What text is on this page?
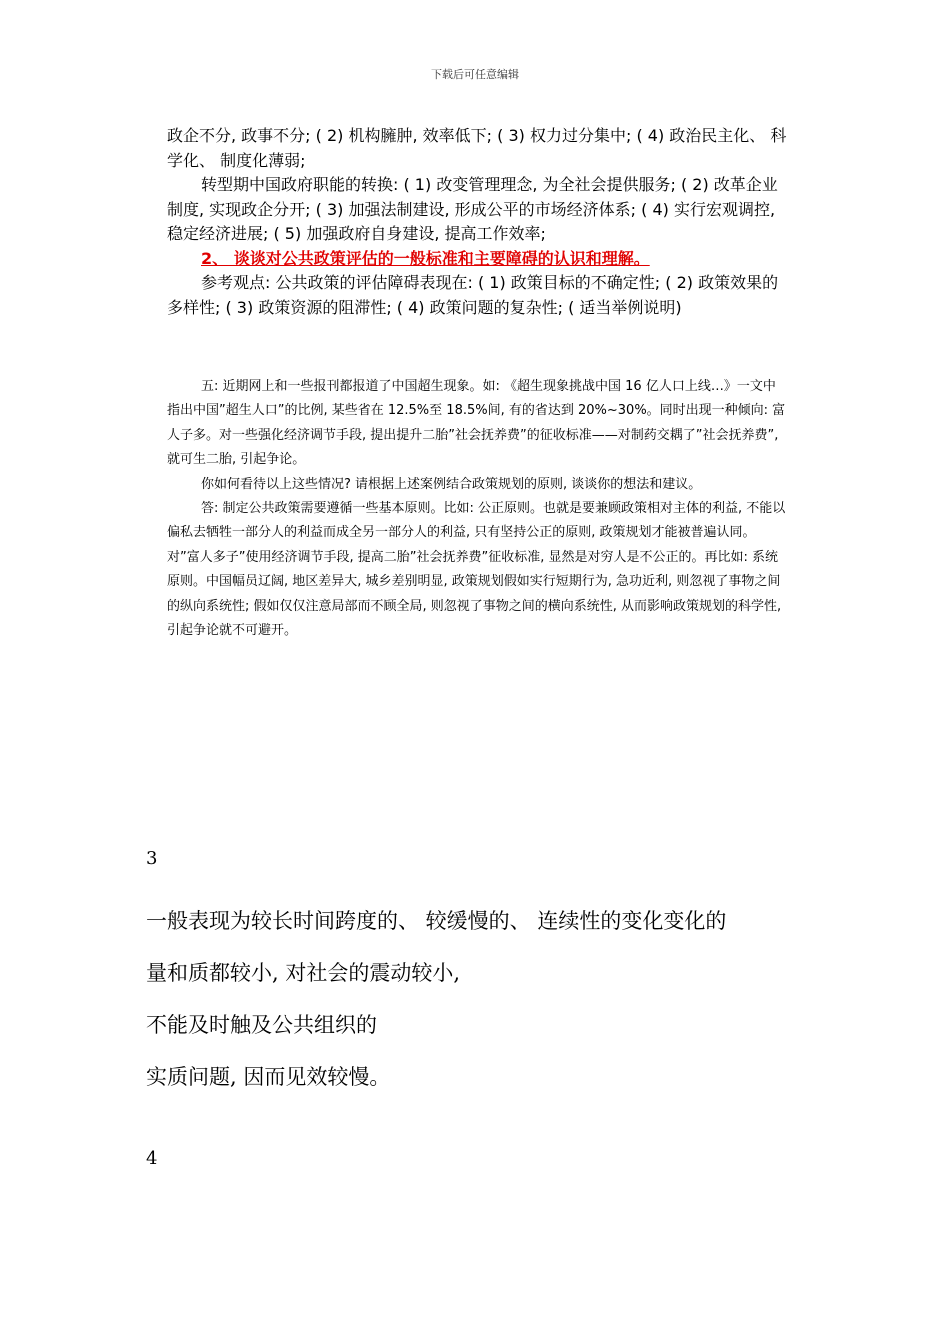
下载后可任意编辑

政企不分, 政事不分; ( 2) 机构臃肿, 效率低下; ( 3) 权力过分集中; ( 4) 政治民主化、 科学化、 制度化薄弱;

转型期中国政府职能的转换: ( 1) 改变管理理念, 为全社会提供服务; ( 2) 改革企业制度, 实现政企分开; ( 3) 加强法制建设, 形成公平的市场经济体系; ( 4) 实行宏观调控, 稳定经济进展; ( 5) 加强政府自身建设, 提高工作效率;

2、 谈谈对公共政策评估的一般标准和主要障碍的认识和理解。

参考观点: 公共政策的评估障碍表现在: ( 1) 政策目标的不确定性; ( 2) 政策效果的多样性; ( 3) 政策资源的阻滞性; ( 4) 政策问题的复杂性; ( 适当举例说明)

五: 近期网上和一些报刊都报道了中国超生现象。如: 《超生现象挑战中国 16 亿人口上线…》一文中指出中国”超生人口”的比例, 某些省在 12.5%至 18.5%间, 有的省达到 20%~30%。同时出现一种倾向: 富人子多。对一些强化经济调节手段, 提出提升二胎”社会抚养费”的征收标准——对制药交耦了”社会抚养费”, 就可生二胎, 引起争论。

你如何看待以上这些情况? 请根据上述案例结合政策规划的原则, 谈谈你的想法和建议。

答: 制定公共政策需要遵循一些基本原则。比如: 公正原则。也就是要兼顾政策相对主体的利益, 不能以偏私去牺牲一部分人的利益而成全另一部分人的利益, 只有坚持公正的原则, 政策规划才能被普遍认同。对”富人多子”使用经济调节手段, 提高二胎”社会抚养费”征收标准, 显然是对穷人是不公正的。再比如: 系统原则。中国幅员辽阔, 地区差异大, 城乡差别明显, 政策规划假如实行短期行为, 急功近利, 则忽视了事物之间的纵向系统性; 假如仅仅注意局部而不顾全局, 则忽视了事物之间的横向系统性, 从而影响政策规划的科学性, 引起争论就不可避开。

3

一般表现为较长时间跨度的、 较缓慢的、 连续性的变化变化的

量和质都较小, 对社会的震动较小,

不能及时触及公共组织的

实质问题, 因而见效较慢。

4
